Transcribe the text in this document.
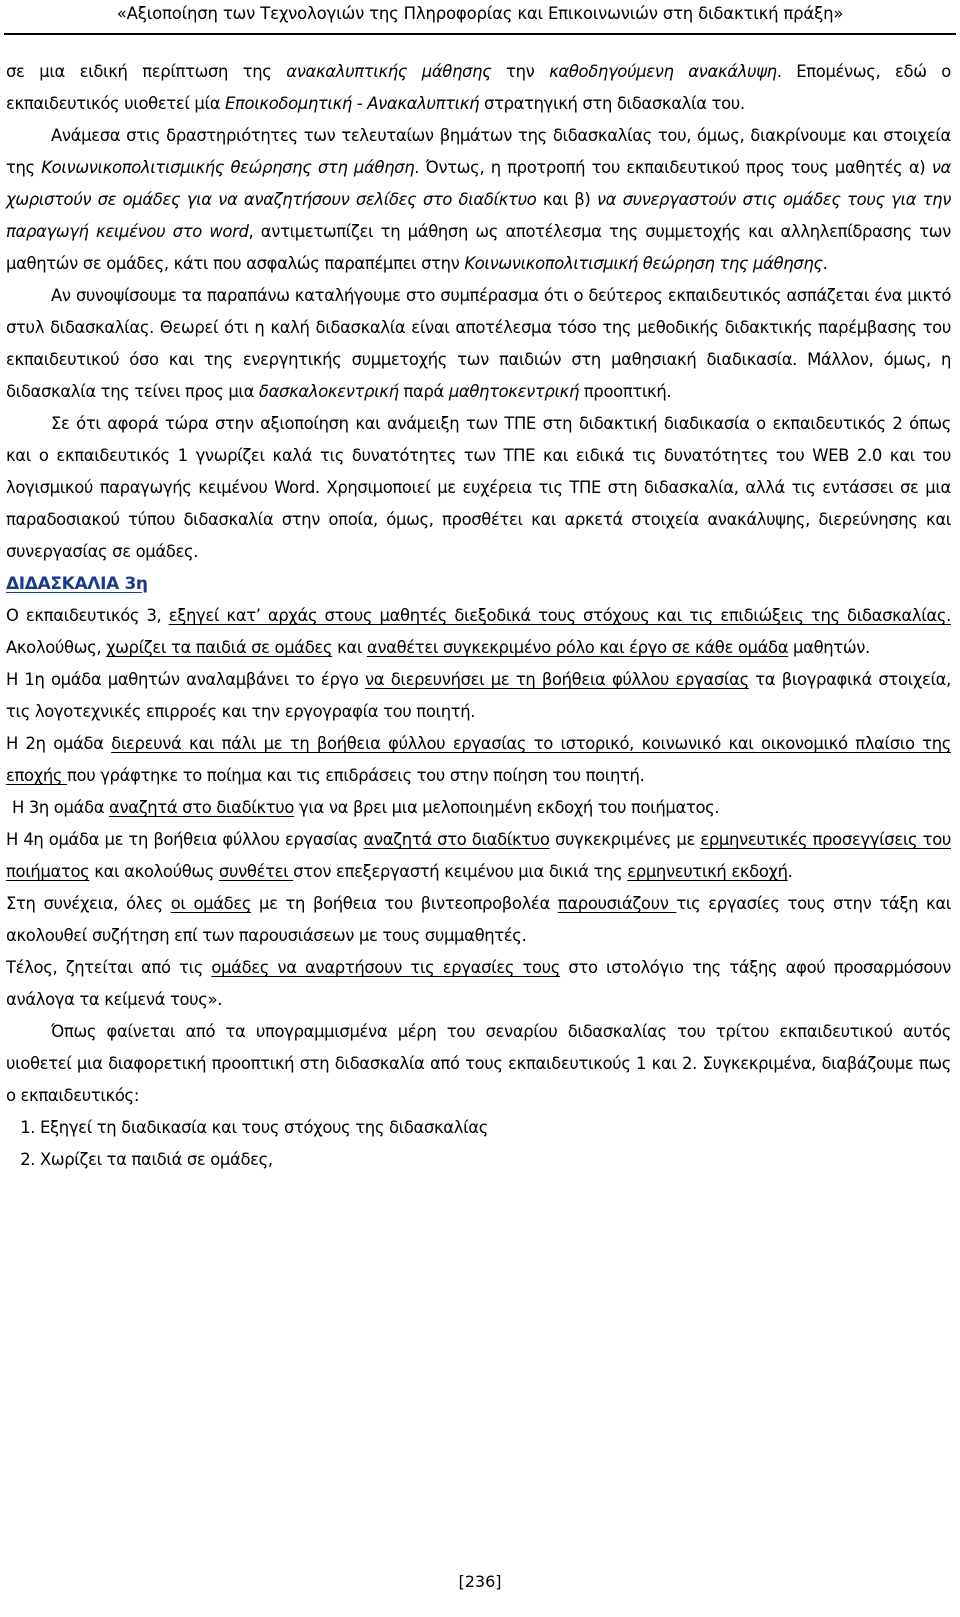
«Αξιοποίηση των Τεχνολογιών της Πληροφορίας και Επικοινωνιών στη διδακτική πράξη»

σε μια ειδική περίπτωση της ανακαλυπτικής μάθησης την καθοδηγούμενη ανακάλυψη. Επομένως, εδώ ο εκπαιδευτικός υιοθετεί μία Εποικοδομητική - Ανακαλυπτική στρατηγική στη διδασκαλία του.

Ανάμεσα στις δραστηριότητες των τελευταίων βημάτων της διδασκαλίας του, όμως, διακρίνουμε και στοιχεία της Κοινωνικοπολιτισμικής θεώρησης στη μάθηση. Όντως, η προτροπή του εκπαιδευτικού προς τους μαθητές α) να χωριστούν σε ομάδες για να αναζητήσουν σελίδες στο διαδίκτυο και β) να συνεργαστούν στις ομάδες τους για την παραγωγή κειμένου στο word, αντιμετωπίζει τη μάθηση ως αποτέλεσμα της συμμετοχής και αλληλεπίδρασης των μαθητών σε ομάδες, κάτι που ασφαλώς παραπέμπει στην Κοινωνικοπολιτισμική θεώρηση της μάθησης.

Αν συνοψίσουμε τα παραπάνω καταλήγουμε στο συμπέρασμα ότι ο δεύτερος εκπαιδευτικός ασπάζεται ένα μικτό στυλ διδασκαλίας. Θεωρεί ότι η καλή διδασκαλία είναι αποτέλεσμα τόσο της μεθοδικής διδακτικής παρέμβασης του εκπαιδευτικού όσο και της ενεργητικής συμμετοχής των παιδιών στη μαθησιακή διαδικασία. Μάλλον, όμως, η διδασκαλία της τείνει προς μια δασκαλοκεντρική παρά μαθητοκεντρική προοπτική.

Σε ότι αφορά τώρα στην αξιοποίηση και ανάμειξη των ΤΠΕ στη διδακτική διαδικασία ο εκπαιδευτικός 2 όπως και ο εκπαιδευτικός 1 γνωρίζει καλά τις δυνατότητες των ΤΠΕ και ειδικά τις δυνατότητες του WEB 2.0 και του λογισμικού παραγωγής κειμένου Word. Χρησιμοποιεί με ευχέρεια τις ΤΠΕ στη διδασκαλία, αλλά τις εντάσσει σε μια παραδοσιακού τύπου διδασκαλία στην οποία, όμως, προσθέτει και αρκετά στοιχεία ανακάλυψης, διερεύνησης και συνεργασίας σε ομάδες.

ΔΙΔΑΣΚΑΛΙΑ 3η

Ο εκπαιδευτικός 3, εξηγεί κατ’ αρχάς στους μαθητές διεξοδικά τους στόχους και τις επιδιώξεις της διδασκαλίας. Ακολούθως, χωρίζει τα παιδιά σε ομάδες και αναθέτει συγκεκριμένο ρόλο και έργο σε κάθε ομάδα μαθητών.

Η 1η ομάδα μαθητών αναλαμβάνει το έργο να διερευνήσει με τη βοήθεια φύλλου εργασίας τα βιογραφικά στοιχεία, τις λογοτεχνικές επιρροές και την εργογραφία του ποιητή.

Η 2η ομάδα διερευνά και πάλι με τη βοήθεια φύλλου εργασίας το ιστορικό, κοινωνικό και οικονομικό πλαίσιο της εποχής που γράφτηκε το ποίημα και τις επιδράσεις του στην ποίηση του ποιητή.

Η 3η ομάδα αναζητά στο διαδίκτυο για να βρει μια μελοποιημένη εκδοχή του ποιήματος.

Η 4η ομάδα με τη βοήθεια φύλλου εργασίας αναζητά στο διαδίκτυο συγκεκριμένες με ερμηνευτικές προσεγγίσεις του ποιήματος και ακολούθως συνθέτει στον επεξεργαστή κειμένου μια δικιά της ερμηνευτική εκδοχή.

Στη συνέχεια, όλες οι ομάδες με τη βοήθεια του βιντεοπροβολέα παρουσιάζουν τις εργασίες τους στην τάξη και ακολουθεί συζήτηση επί των παρουσιάσεων με τους συμμαθητές.

Τέλος, ζητείται από τις ομάδες να αναρτήσουν τις εργασίες τους στο ιστολόγιο της τάξης αφού προσαρμόσουν ανάλογα τα κείμενά τους».

Όπως φαίνεται από τα υπογραμμισμένα μέρη του σεναρίου διδασκαλίας του τρίτου εκπαιδευτικού αυτός υιοθετεί μια διαφορετική προοπτική στη διδασκαλία από τους εκπαιδευτικούς 1 και 2. Συγκεκριμένα, διαβάζουμε πως ο εκπαιδευτικός:

1. Εξηγεί τη διαδικασία και τους στόχους της διδασκαλίας
2. Χωρίζει τα παιδιά σε ομάδες,
[236]
